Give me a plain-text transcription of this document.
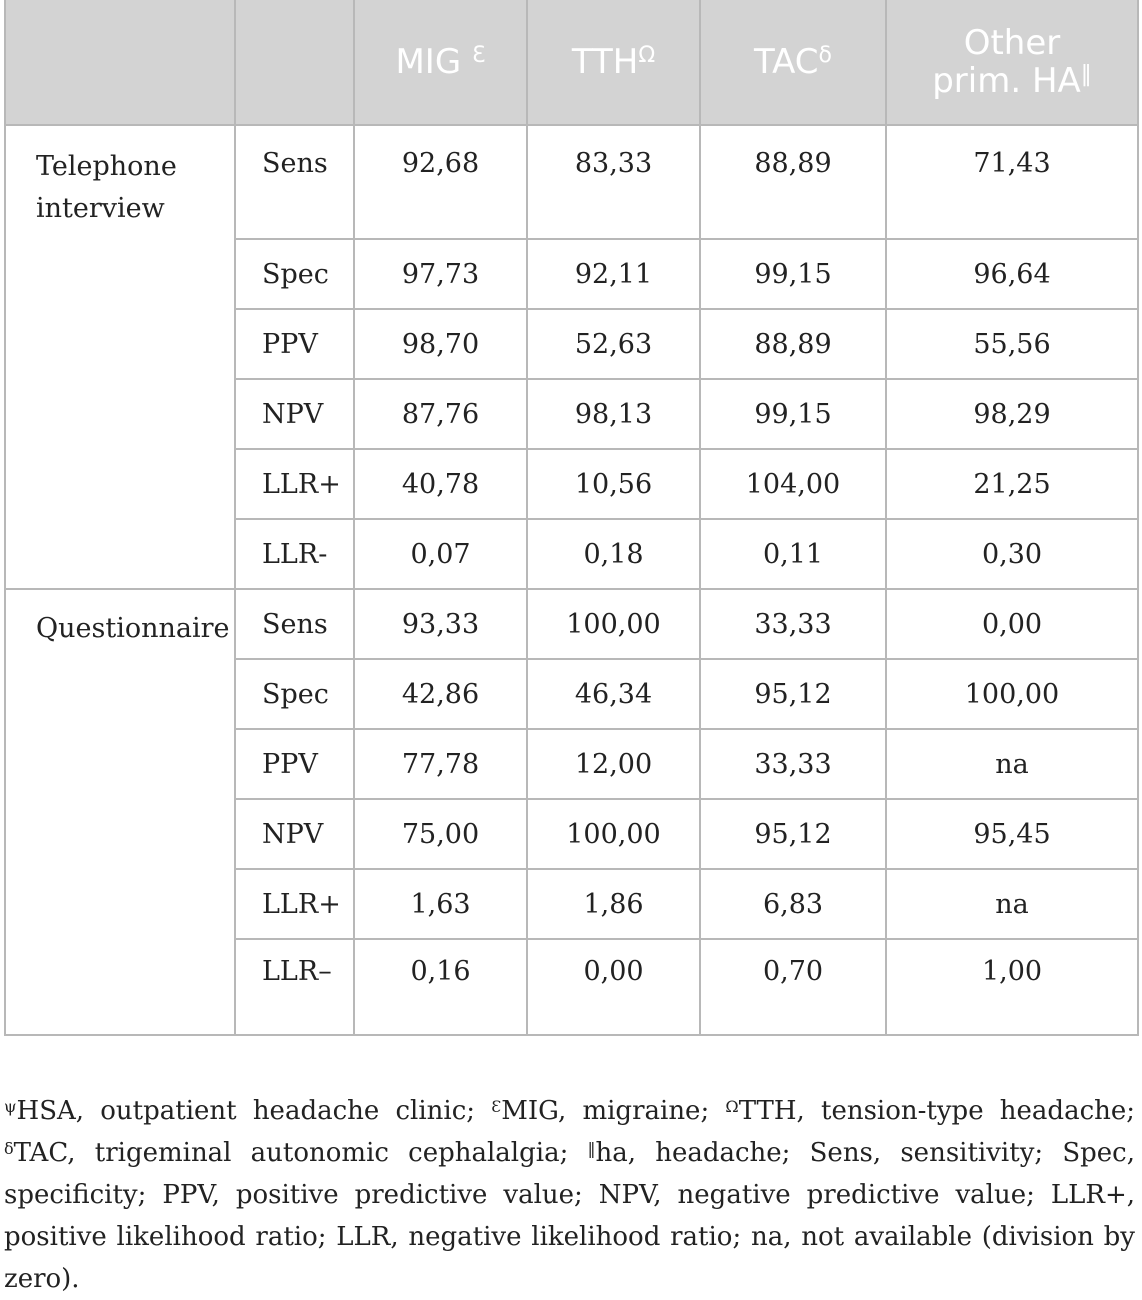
		MIG $^Ɛ$	$TTH^\Omega$	$TAC^\delta$	Other
prim. HA‖
Telephone interview	Sens	92,68	83,33	88,89	71,43
	Spec	97,73	92,11	99,15	96,64
	PPV	98,70	52,63	88,89	55,56
	NPV	87,76	98,13	99,15	98,29
	LLR+	40,78	10,56	104,00	21,25
	LLR-	0,07	0,18	0,11	0,30
Questionnaire	Sens	93,33	100,00	33,33	0,00
	Spec	42,86	46,34	95,12	100,00
	PPV	77,78	12,00	33,33	na
	NPV	75,00	100,00	95,12	95,45
	LLR+	1,63	1,86	6,83	na
	LLR–	0,16	0,00	0,70	1,00
$^\psi$HSA, outpatient headache clinic; $^Ɛ$MIG, migraine; $^\Omega$TTH, tension-type headache; $^\delta$TAC, trigeminal autonomic cephalalgia; ‖ha, headache; Sens, sensitivity; Spec, specificity; PPV, positive predictive value; NPV, negative predictive value; LLR+, positive likelihood ratio; LLR, negative likelihood ratio; na, not available (division by zero).
